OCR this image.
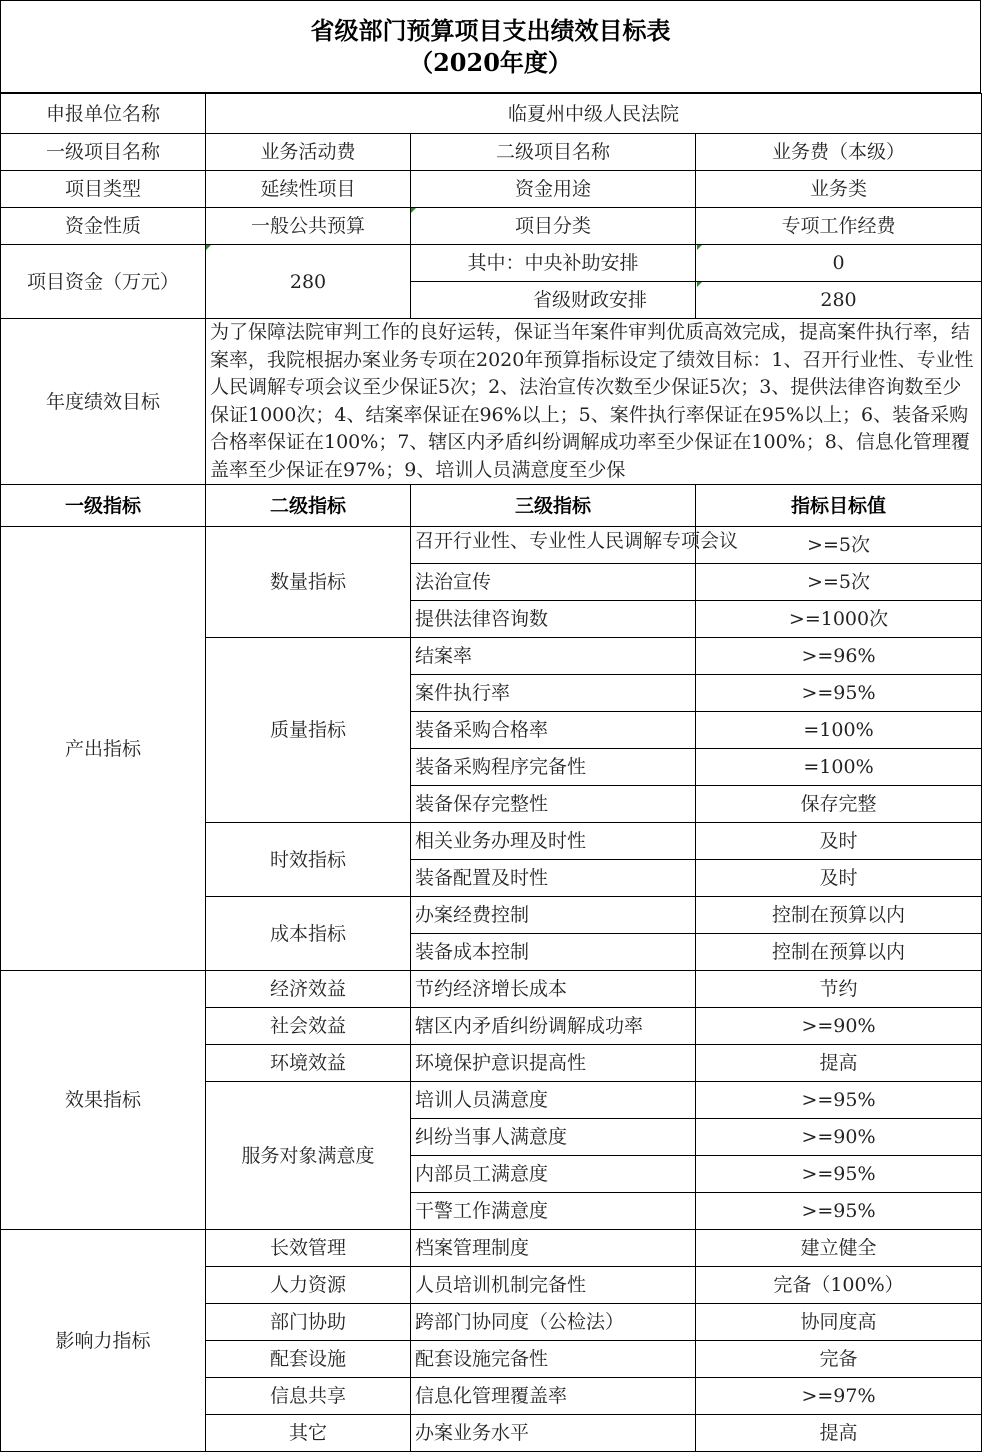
省级部门预算项目支出绩效目标表
（2020年度）
申报单位名称	临夏州中级人民法院		
一级项目名称	业务活动费	二级项目名称	业务费（本级）
项目类型	延续性项目	资金用途	业务类
资金性质	一般公共预算	项目分类	专项工作经费
项目资金（万元）	280	其中：中央补助安排	0
		省级财政安排	280
年度绩效目标	为了保障法院审判工作的良好运转，保证当年案件审判优质高效完成，提高案件执行率，结案率，我院根据办案业务专项在2020年预算指标设定了绩效目标：1、召开行业性、专业性人民调解专项会议至少保证5次；2、法治宣传次数至少保证5次；3、提供法律咨询数至少保证1000次；4、结案率保证在96%以上；5、案件执行率保证在95%以上；6、装备采购合格率保证在100%；7、辖区内矛盾纠纷调解成功率至少保证在100%；8、信息化管理覆盖率至少保证在97%；9、培训人员满意度至少保		

一级指标	二级指标	三级指标	指标目标值
产出指标	数量指标	召开行业性、专业性人民调解专项会议	>=5次
		法治宣传	>=5次
		提供法律咨询数	>=1000次
	质量指标	结案率	>=96%
		案件执行率	>=95%
		装备采购合格率	=100%
		装备采购程序完备性	=100%
		装备保存完整性	保存完整
	时效指标	相关业务办理及时性	及时
		装备配置及时性	及时
	成本指标	办案经费控制	控制在预算以内
		装备成本控制	控制在预算以内
效果指标	经济效益	节约经济增长成本	节约
	社会效益	辖区内矛盾纠纷调解成功率	>=90%
	环境效益	环境保护意识提高性	提高
	服务对象满意度	培训人员满意度	>=95%
		纠纷当事人满意度	>=90%
		内部员工满意度	>=95%
		干警工作满意度	>=95%
影响力指标	长效管理	档案管理制度	建立健全
	人力资源	人员培训机制完备性	完备（100%）
	部门协助	跨部门协同度（公检法）	协同度高
	配套设施	配套设施完备性	完备
	信息共享	信息化管理覆盖率	>=97%
	其它	办案业务水平	提高
